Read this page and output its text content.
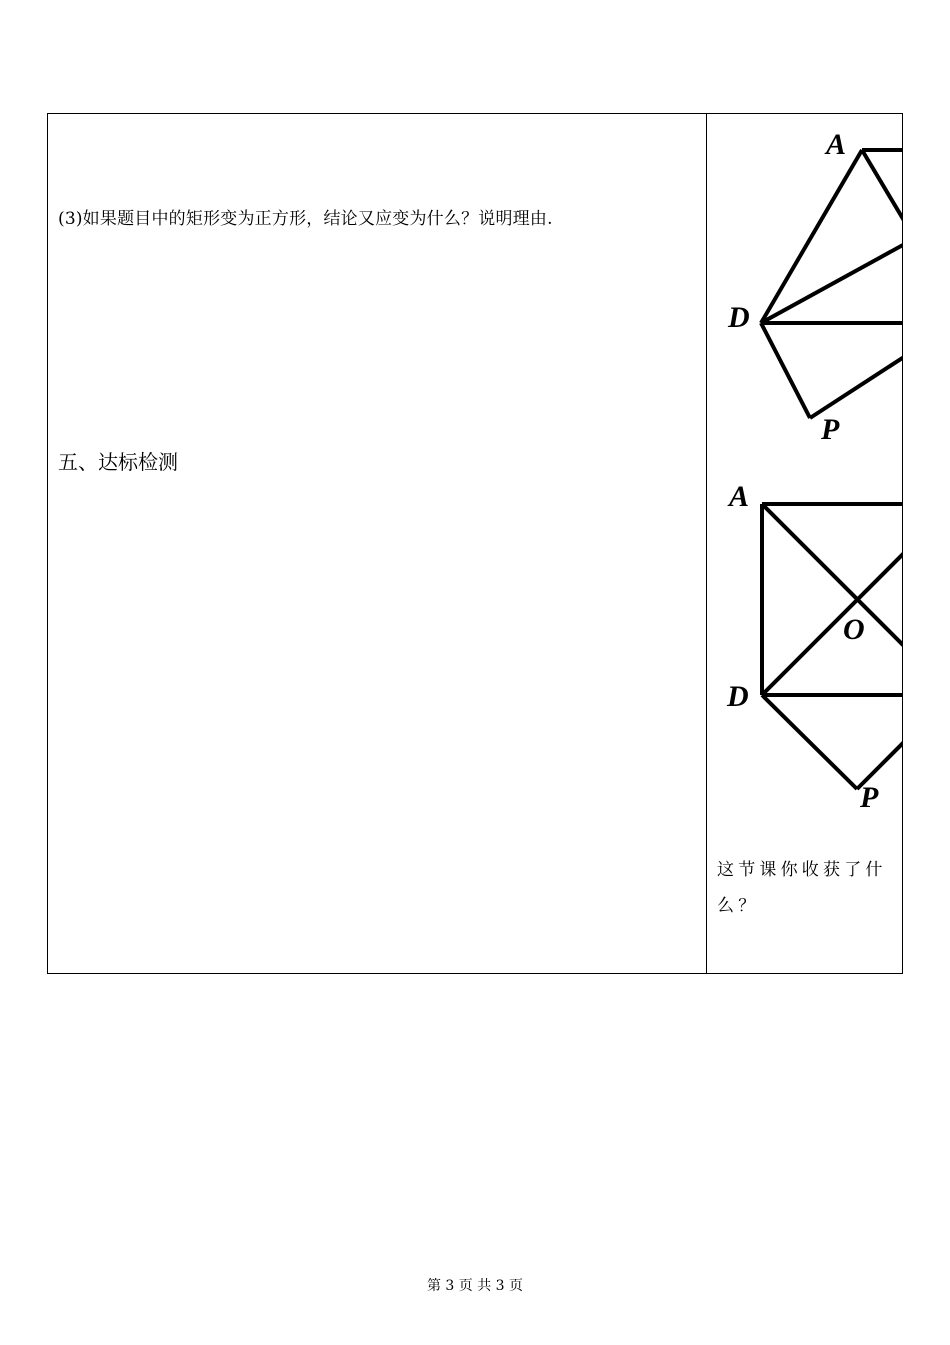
(3)如果题目中的矩形变为正方形，结论又应变为什么？说明理由.
五、达标检测
A
D
P
A
O
D
P
这节课你收获了什么？
第 3 页 共 3 页
